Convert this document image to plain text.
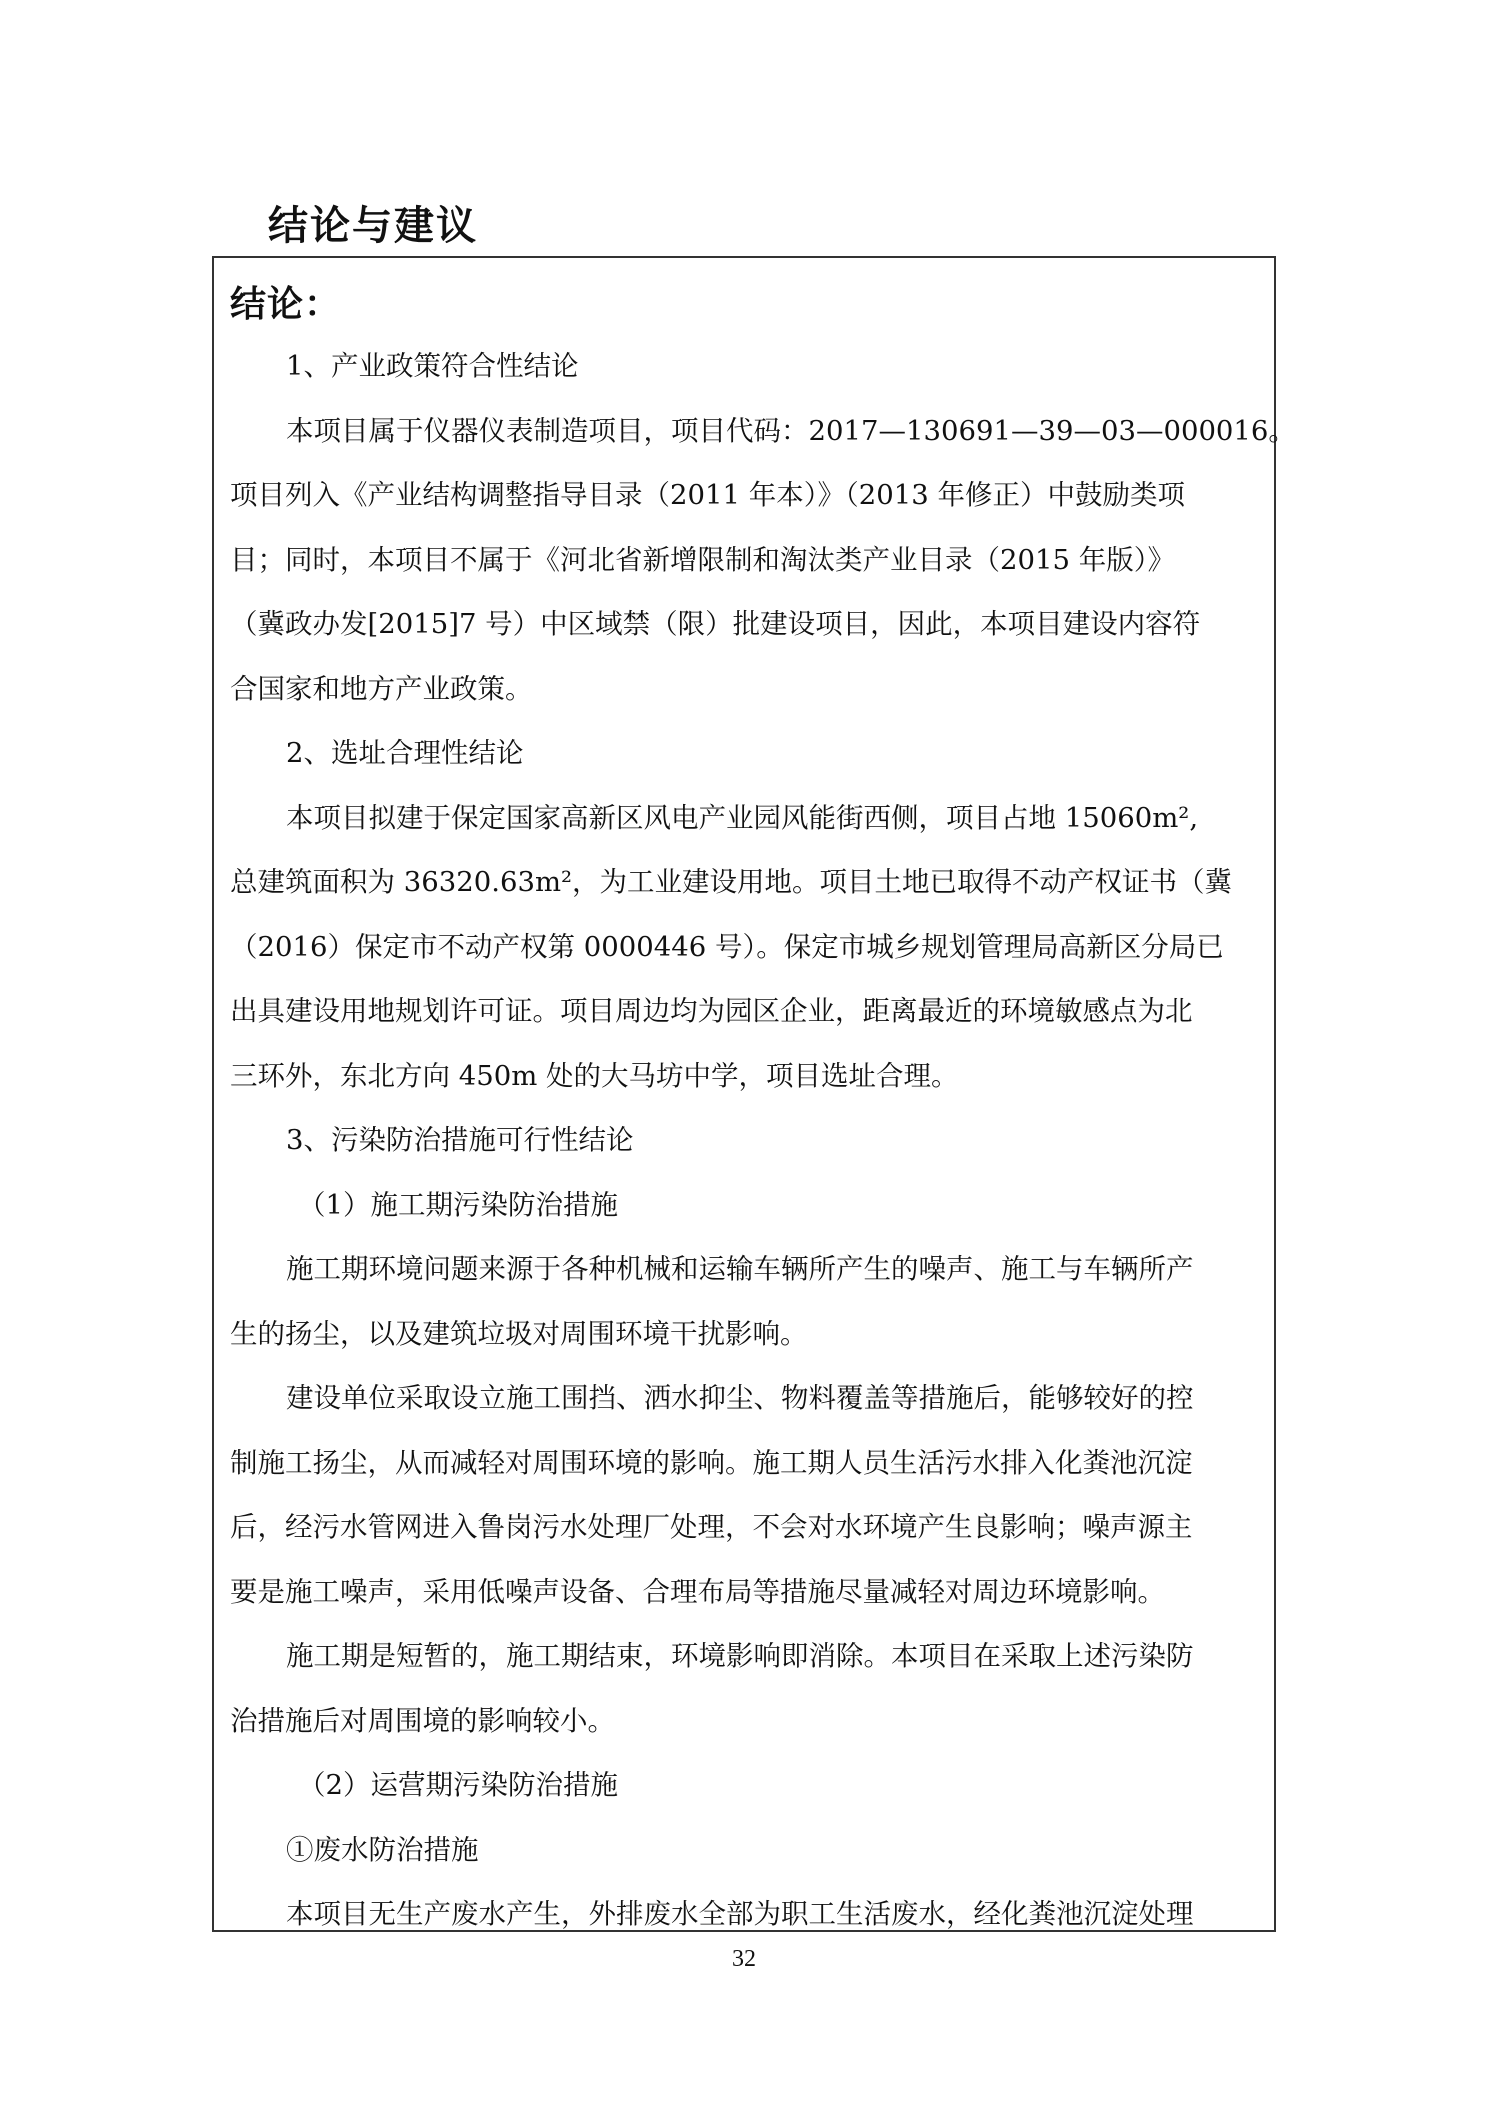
结论与建议
结论：
1、产业政策符合性结论
本项目属于仪器仪表制造项目，项目代码：2017—130691—39—03—000016。
项目列入《产业结构调整指导目录（2011 年本）》（2013 年修正）中鼓励类项
目；同时，本项目不属于《河北省新增限制和淘汰类产业目录（2015 年版）》
（冀政办发[2015]7 号）中区域禁（限）批建设项目，因此，本项目建设内容符
合国家和地方产业政策。
2、选址合理性结论
本项目拟建于保定国家高新区风电产业园风能街西侧，项目占地 15060m²,
总建筑面积为 36320.63m²，为工业建设用地。项目土地已取得不动产权证书（冀
（2016）保定市不动产权第 0000446 号）。保定市城乡规划管理局高新区分局已
出具建设用地规划许可证。项目周边均为园区企业，距离最近的环境敏感点为北
三环外，东北方向 450m 处的大马坊中学，项目选址合理。
3、污染防治措施可行性结论
（1）施工期污染防治措施
施工期环境问题来源于各种机械和运输车辆所产生的噪声、施工与车辆所产
生的扬尘，以及建筑垃圾对周围环境干扰影响。
建设单位采取设立施工围挡、洒水抑尘、物料覆盖等措施后，能够较好的控
制施工扬尘，从而减轻对周围环境的影响。施工期人员生活污水排入化粪池沉淀
后，经污水管网进入鲁岗污水处理厂处理，不会对水环境产生良影响；噪声源主
要是施工噪声，采用低噪声设备、合理布局等措施尽量减轻对周边环境影响。
施工期是短暂的，施工期结束，环境影响即消除。本项目在采取上述污染防
治措施后对周围境的影响较小。
（2）运营期污染防治措施
①废水防治措施
本项目无生产废水产生，外排废水全部为职工生活废水，经化粪池沉淀处理
32
